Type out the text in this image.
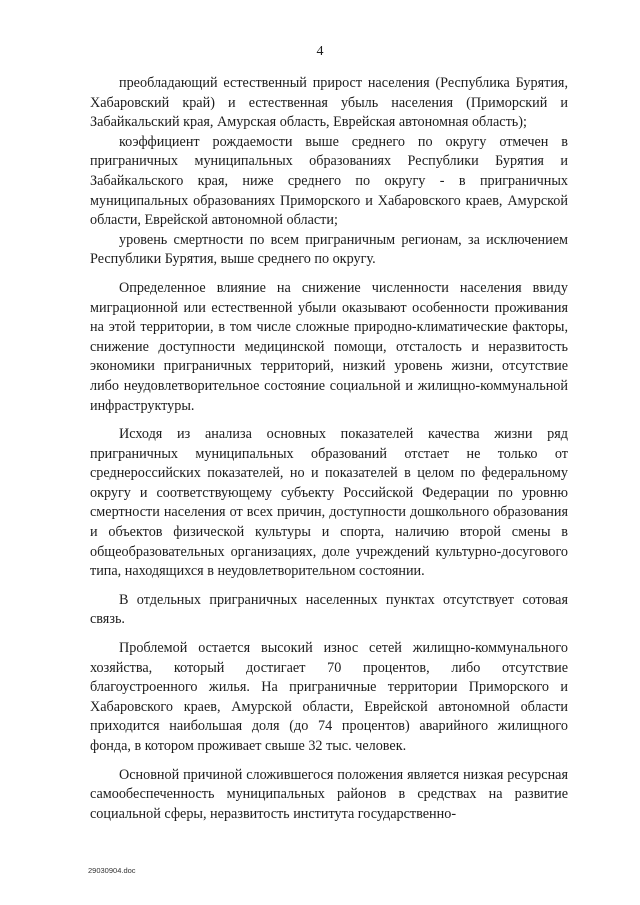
4

преобладающий естественный прирост населения (Республика Бурятия, Хабаровский край) и естественная убыль населения (Приморский и Забайкальский края, Амурская область, Еврейская автономная область);

коэффициент рождаемости выше среднего по округу отмечен в приграничных муниципальных образованиях Республики Бурятия и Забайкальского края, ниже среднего по округу - в приграничных муниципальных образованиях Приморского и Хабаровского краев, Амурской области, Еврейской автономной области;

уровень смертности по всем приграничным регионам, за исключением Республики Бурятия, выше среднего по округу.

Определенное влияние на снижение численности населения ввиду миграционной или естественной убыли оказывают особенности проживания на этой территории, в том числе сложные природно-климатические факторы, снижение доступности медицинской помощи, отсталость и неразвитость экономики приграничных территорий, низкий уровень жизни, отсутствие либо неудовлетворительное состояние социальной и жилищно-коммунальной инфраструктуры.

Исходя из анализа основных показателей качества жизни ряд приграничных муниципальных образований отстает не только от среднероссийских показателей, но и показателей в целом по федеральному округу и соответствующему субъекту Российской Федерации по уровню смертности населения от всех причин, доступности дошкольного образования и объектов физической культуры и спорта, наличию второй смены в общеобразовательных организациях, доле учреждений культурно-досугового типа, находящихся в неудовлетворительном состоянии.

В отдельных приграничных населенных пунктах отсутствует сотовая связь.

Проблемой остается высокий износ сетей жилищно-коммунального хозяйства, который достигает 70 процентов, либо отсутствие благоустроенного жилья. На приграничные территории Приморского и Хабаровского краев, Амурской области, Еврейской автономной области приходится наибольшая доля (до 74 процентов) аварийного жилищного фонда, в котором проживает свыше 32 тыс. человек.

Основной причиной сложившегося положения является низкая ресурсная самообеспеченность муниципальных районов в средствах на развитие социальной сферы, неразвитость института государственно-

29030904.doc
